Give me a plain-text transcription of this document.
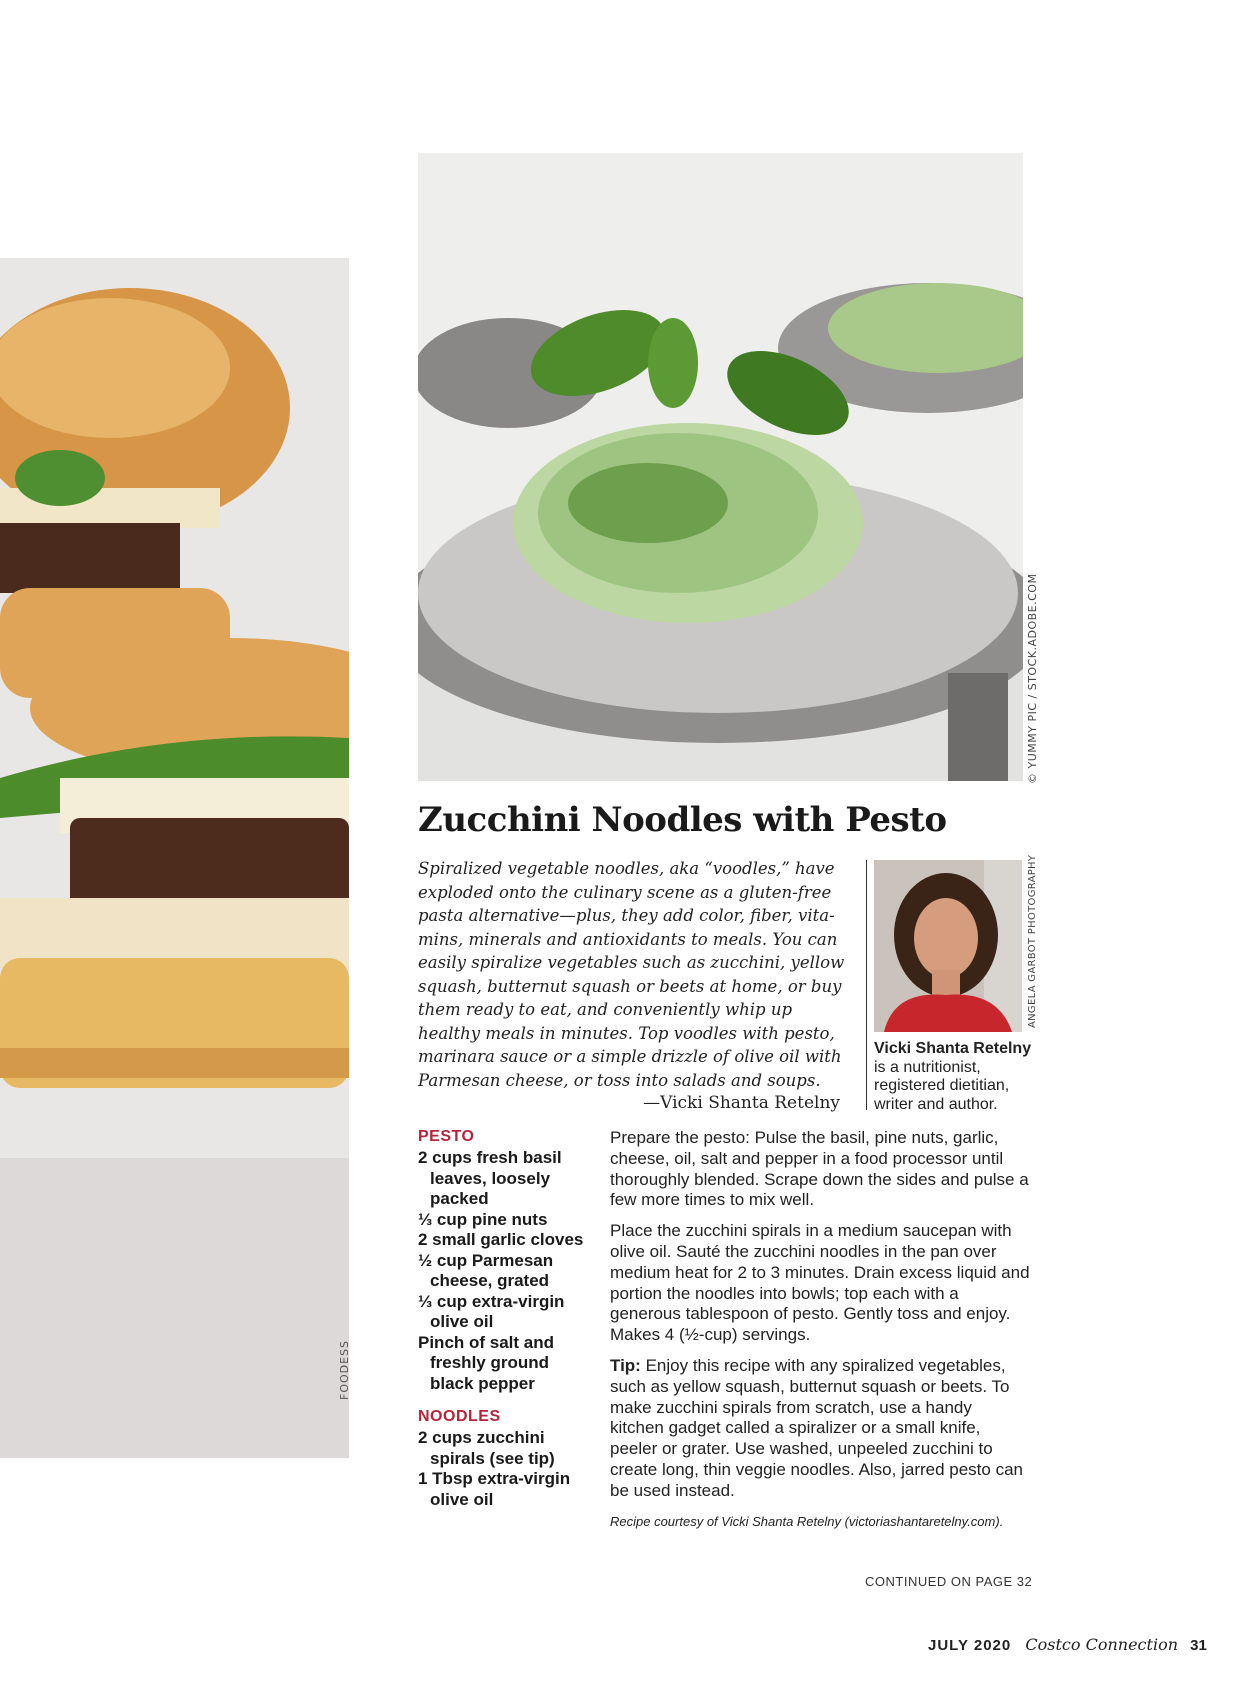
FOODESS
© YUMMY PIC / STOCK.ADOBE.COM
Zucchini Noodles with Pesto
Spiralized vegetable noodles, aka “voodles,” have
exploded onto the culinary scene as a gluten-free
pasta alternative—plus, they add color, fiber, vita-
mins, minerals and antioxidants to meals. You can
easily spiralize vegetables such as zucchini, yellow
squash, butternut squash or beets at home, or buy
them ready to eat, and conveniently whip up
healthy meals in minutes. Top voodles with pesto,
marinara sauce or a simple drizzle of olive oil with
Parmesan cheese, or toss into salads and soups.
—Vicki Shanta Retelny
ANGELA GARBOT PHOTOGRAPHY
Vicki Shanta Retelny
is a nutritionist, registered dietitian, writer and author.
PESTO
2 cups fresh basil leaves, loosely packed
⅓ cup pine nuts
2 small garlic cloves
½ cup Parmesan cheese, grated
⅓ cup extra-virgin olive oil
Pinch of salt and freshly ground black pepper
NOODLES
2 cups zucchini spirals (see tip)
1 Tbsp extra-virgin olive oil

Prepare the pesto: Pulse the basil, pine nuts, garlic, cheese, oil, salt and pepper in a food processor until thoroughly blended. Scrape down the sides and pulse a few more times to mix well.

Place the zucchini spirals in a medium saucepan with olive oil. Sauté the zucchini noodles in the pan over medium heat for 2 to 3 minutes. Drain excess liquid and portion the noodles into bowls; top each with a generous tablespoon of pesto. Gently toss and enjoy. Makes 4 (½-cup) servings.

Tip: Enjoy this recipe with any spiralized vegetables, such as yellow squash, butternut squash or beets. To make zucchini spirals from scratch, use a handy kitchen gadget called a spiralizer or a small knife, peeler or grater. Use washed, unpeeled zucchini to create long, thin veggie noodles. Also, jarred pesto can be used instead.

Recipe courtesy of Vicki Shanta Retelny (victoriashantaretelny.com).
CONTINUED ON PAGE 32
JULY 2020 Costco Connection 31
